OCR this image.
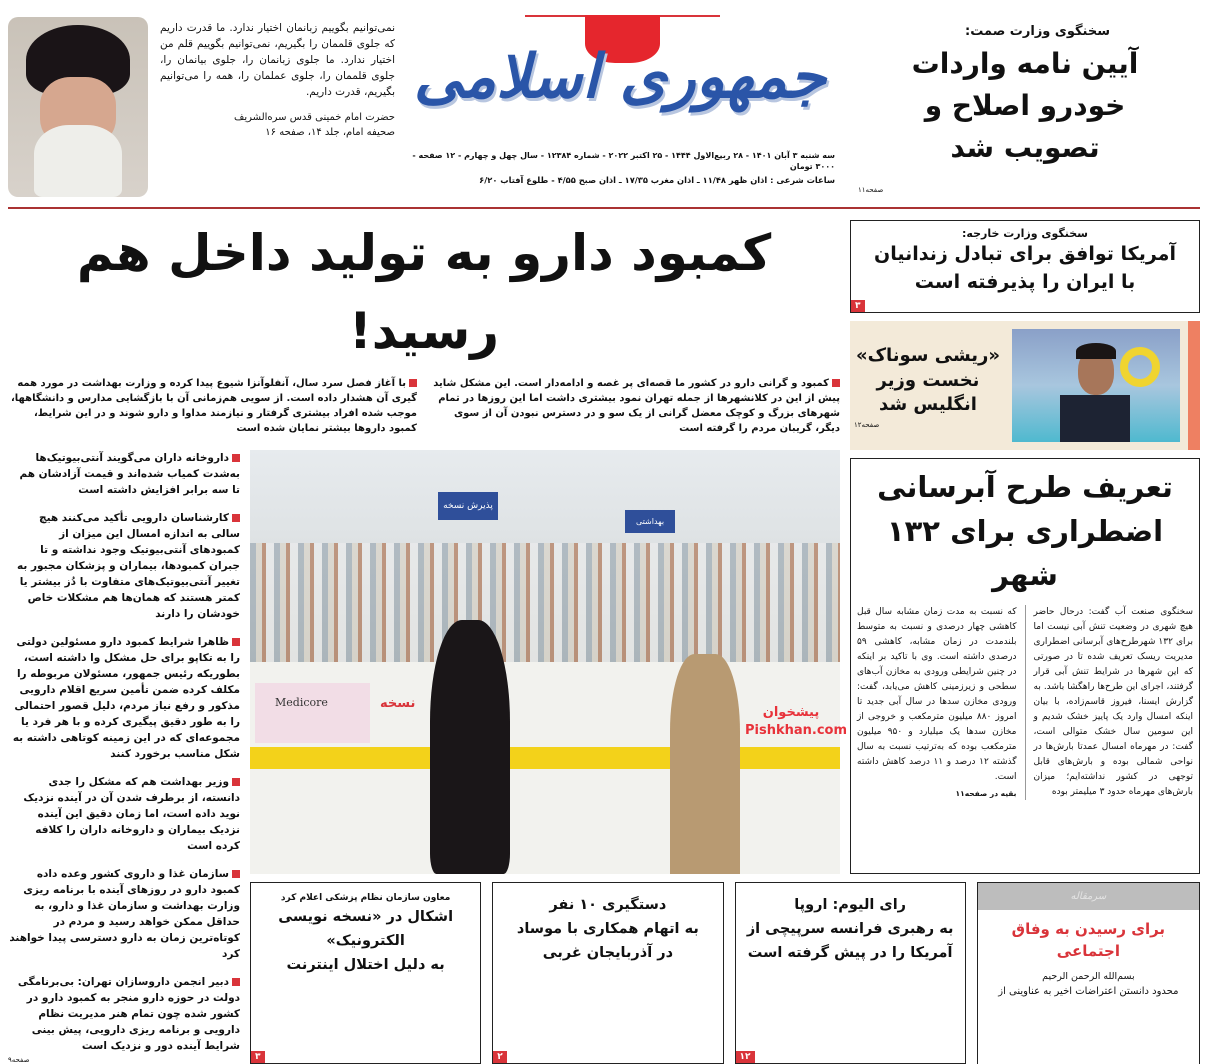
نمی‌توانیم بگوییم زبانمان اختیار ندارد. ما قدرت داریم که جلوی قلممان را بگیریم، نمی‌توانیم بگوییم قلم من اختیار ندارد. ما جلوی زبانمان را، جلوی بیانمان را، جلوی قلممان را، جلوی عملمان را، همه را می‌توانیم بگیریم، قدرت داریم.
حضرت امام خمینی قدس سره‌الشریف
صحیفه امام، جلد ۱۴، صفحه ۱۶
جمهوری اسلامی
سه شنبه ۳ آبان ۱۴۰۱ - ۲۸ ربیع‌الاول ۱۴۴۴ - ۲۵ اکتبر ۲۰۲۲ - شماره ۱۲۳۸۴ - سال چهل و چهارم - ۱۲ صفحه - ۳۰۰۰ تومان
ساعات شرعی : اذان ظهر ۱۱/۴۸ ـ اذان مغرب ۱۷/۳۵ ـ اذان صبح ۴/۵۵ - طلوع آفتاب ۶/۲۰
سخنگوی وزارت صمت:
آیین نامه واردات
خودرو اصلاح و
تصویب شد
صفحه۱۱
کمبود دارو به تولید داخل هم رسید!
کمبود و گرانی دارو در کشور ما قصه‌ای پر غصه و ادامه‌دار است. این مشکل شاید پیش از این در کلانشهرها از جمله تهران نمود بیشتری داشت اما این روزها در تمام شهرهای بزرگ و کوچک معضل گرانی از یک سو و در دسترس نبودن آن از سوی دیگر، گریبان مردم را گرفته است
با آغاز فصل سرد سال، آنفلوآنزا شیوع پیدا کرده و وزارت بهداشت در مورد همه گیری آن هشدار داده است. از سویی هم‌زمانی آن با بازگشایی مدارس و دانشگاهها، موجب شده افراد بیشتری گرفتار و نیازمند مداوا و دارو شوند و در این شرایط، کمبود داروها بیشتر نمایان شده است
داروخانه داران می‌گویند آنتی‌بیوتیک‌ها به‌شدت کمیاب شده‌اند و قیمت آزادشان هم تا سه برابر افزایش داشته است
کارشناسان دارویی تأکید می‌کنند هیچ سالی به اندازه امسال این میزان از کمبودهای آنتی‌بیوتیک وجود نداشته و تا جبران کمبودها، بیماران و پزشکان مجبور به تغییر آنتی‌بیوتیک‌های متفاوت با دُز بیشتر یا کمتر هستند که همان‌ها هم مشکلات خاص خودشان را دارند
ظاهرا شرایط کمبود دارو مسئولین دولتی را به تکاپو برای حل مشکل وا داشته است، بطوریکه رئیس جمهور، مسئولان مربوطه را مکلف کرده ضمن تأمین سریع اقلام دارویی مذکور و رفع نیاز مردم، دلیل قصور احتمالی را به طور دقیق پیگیری کرده و با هر فرد یا مجموعه‌ای که در این زمینه کوتاهی داشته به شکل مناسب برخورد کنند
وزیر بهداشت هم که مشکل را جدی دانسته، از برطرف شدن آن در آینده نزدیک نوید داده است، اما زمان دقیق این آینده نزدیک بیماران و داروخانه داران را کلافه کرده است
سازمان غذا و داروی کشور وعده داده کمبود دارو در روزهای آینده با برنامه ریزی وزارت بهداشت و سازمان غذا و دارو، به حداقل ممکن خواهد رسید و مردم در کوتاه‌ترین زمان به دارو دسترسی پیدا خواهند کرد
دبیر انجمن داروسازان تهران: بی‌برنامگی دولت در حوزه دارو منجر به کمبود دارو در کشور شده چون تمام هنر مدیریت نظام دارویی و برنامه ریزی دارویی، پیش بینی شرایط آینده دور و نزدیک است
صفحه۹
پذیرش نسخه
بهداشتی
Medicore	نسخه
پیشخوان Pishkhan.com
سخنگوی وزارت خارجه:
آمریکا توافق برای تبادل زندانیان
با ایران را پذیرفته است
۳
«ریشی سوناک»
نخست وزیر
انگلیس شد
صفحه۱۲
تعریف طرح آبرسانی
اضطراری برای ۱۳۲ شهر
سخنگوی صنعت آب گفت: درحال حاضر هیچ شهری در وضعیت تنش آبی نیست اما برای ۱۳۲ شهرطرح‌های آبرسانی اضطراری مدیریت ریسک تعریف شده تا در صورتی که این شهرها در شرایط تنش آبی قرار گرفتند، اجرای این طرح‌ها راهگشا باشد. به گزارش ایسنا، فیروز قاسم‌زاده، با بیان اینکه امسال وارد یک پاییز خشک شدیم و این سومین سال خشک متوالی است، گفت: در مهرماه امسال عمدتا بارش‌ها در نواحی شمالی بوده و بارش‌های قابل توجهی در کشور نداشته‌ایم؛ میزان بارش‌های مهرماه حدود ۳ میلیمتر بوده
که نسبت به مدت زمان مشابه سال قبل کاهشی چهار درصدی و نسبت به متوسط بلندمدت در زمان مشابه، کاهشی ۵۹ درصدی داشته است. وی با تاکید بر اینکه در چنین شرایطی ورودی به مخازن آب‌های سطحی و زیرزمینی کاهش می‌یابد، گفت: ورودی مخازن سدها در سال آبی جدید تا امروز ۸۸۰ میلیون مترمکعب و خروجی از مخازن سدها یک میلیارد و ۹۵۰ میلیون مترمکعب بوده که به‌ترتیب نسبت به سال گذشته ۱۲ درصد و ۱۱ درصد کاهش داشته است.
بقیه در صفحه۱۱
سرمقاله
برای رسیدن به وفاق اجتماعی
بسم‌الله الرحمن الرحیم
محدود دانستن اعتراضات اخیر به عناوینی از
رای الیوم: اروپا
به رهبری فرانسه سرپیچی از
آمریکا را در پیش گرفته است
۱۲
دستگیری ۱۰ نفر
به اتهام همکاری با موساد
در آذربایجان غربی
۲
معاون سازمان نظام پزشکی اعلام کرد
اشکال در «نسخه نویسی الکترونیک»
به دلیل اختلال اینترنت
۳
